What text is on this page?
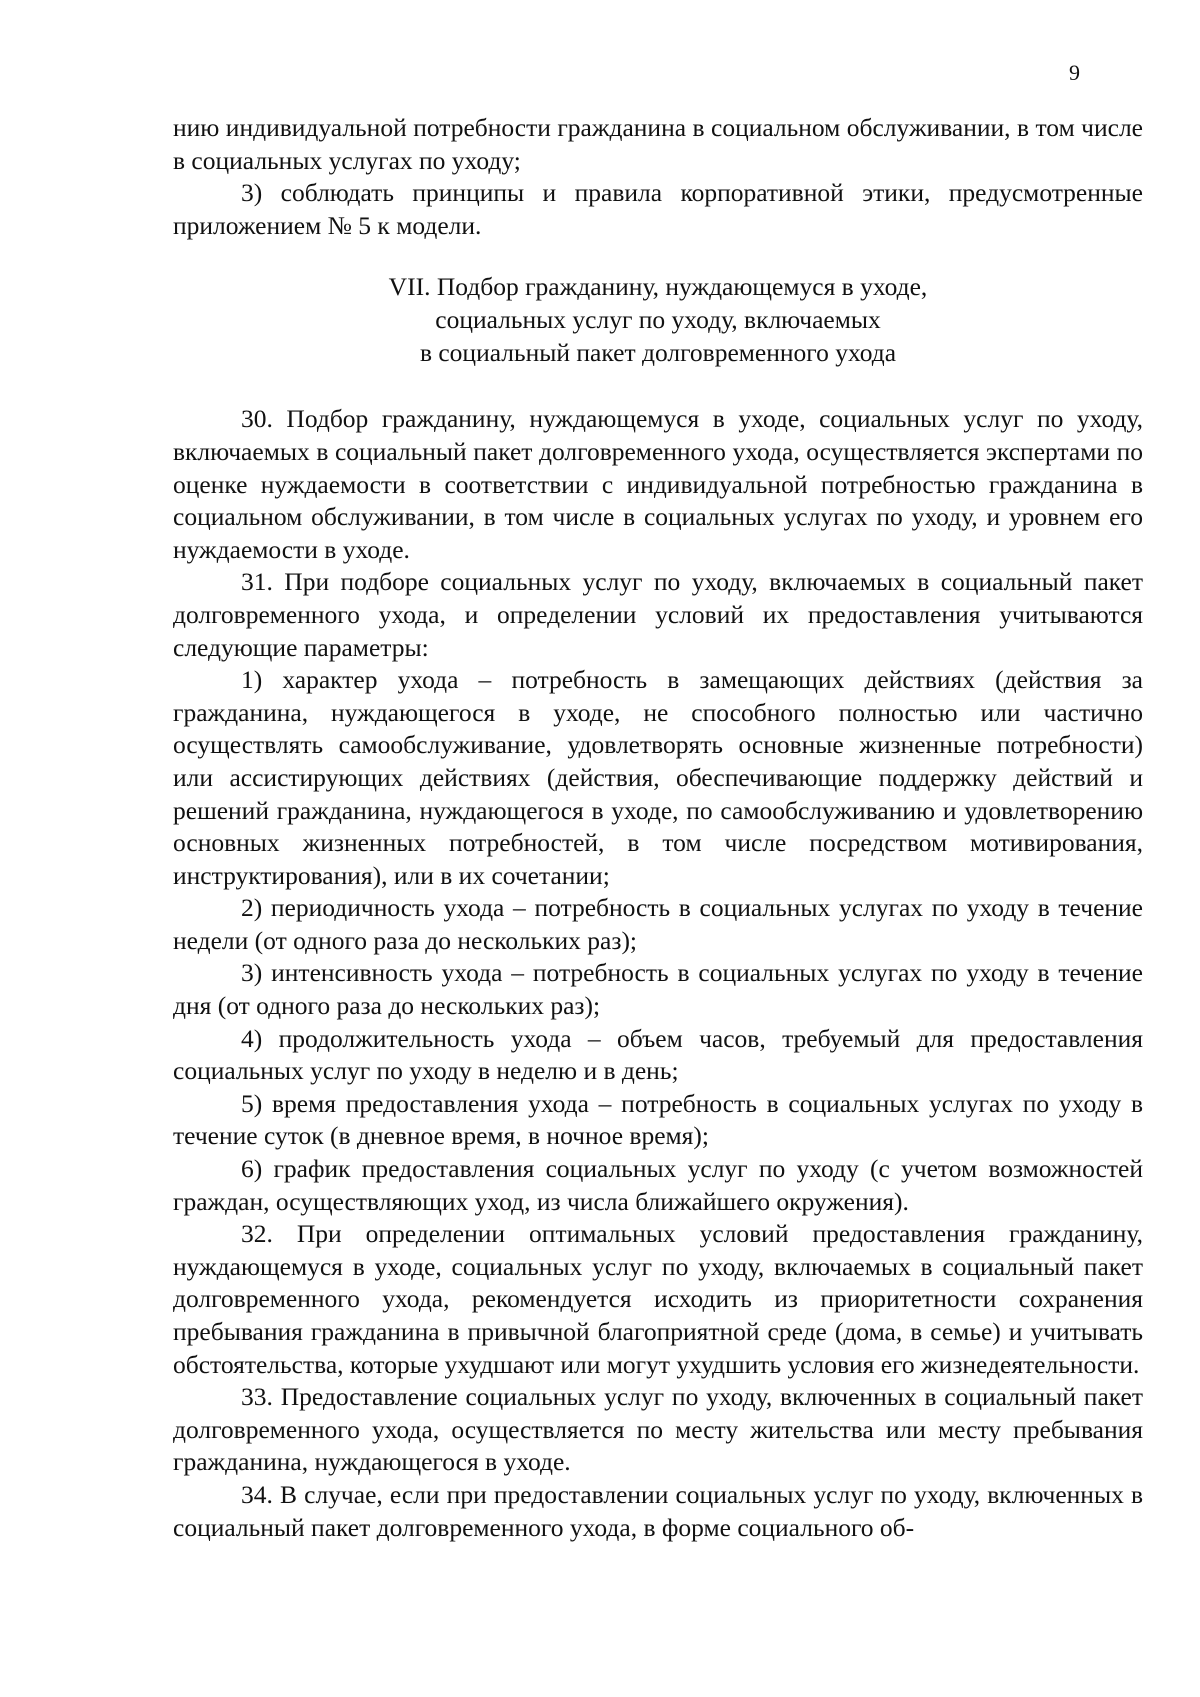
9

нию индивидуальной потребности гражданина в социальном обслуживании, в том числе в социальных услугах по уходу;

3) соблюдать принципы и правила корпоративной этики, предусмотренные приложением № 5 к модели.

VII. Подбор гражданину, нуждающемуся в уходе,
социальных услуг по уходу, включаемых
в социальный пакет долговременного ухода

30. Подбор гражданину, нуждающемуся в уходе, социальных услуг по уходу, включаемых в социальный пакет долговременного ухода, осуществляется экспертами по оценке нуждаемости в соответствии с индивидуальной потребностью гражданина в социальном обслуживании, в том числе в социальных услугах по уходу, и уровнем его нуждаемости в уходе.

31. При подборе социальных услуг по уходу, включаемых в социальный пакет долговременного ухода, и определении условий их предоставления учитываются следующие параметры:

1) характер ухода – потребность в замещающих действиях (действия за гражданина, нуждающегося в уходе, не способного полностью или частично осуществлять самообслуживание, удовлетворять основные жизненные потребности) или ассистирующих действиях (действия, обеспечивающие поддержку действий и решений гражданина, нуждающегося в уходе, по самообслуживанию и удовлетворению основных жизненных потребностей, в том числе посредством мотивирования, инструктирования), или в их сочетании;

2) периодичность ухода – потребность в социальных услугах по уходу в течение недели (от одного раза до нескольких раз);

3) интенсивность ухода – потребность в социальных услугах по уходу в течение дня (от одного раза до нескольких раз);

4) продолжительность ухода – объем часов, требуемый для предоставления социальных услуг по уходу в неделю и в день;

5) время предоставления ухода – потребность в социальных услугах по уходу в течение суток (в дневное время, в ночное время);

6) график предоставления социальных услуг по уходу (с учетом возможностей граждан, осуществляющих уход, из числа ближайшего окружения).

32. При определении оптимальных условий предоставления гражданину, нуждающемуся в уходе, социальных услуг по уходу, включаемых в социальный пакет долговременного ухода, рекомендуется исходить из приоритетности сохранения пребывания гражданина в привычной благоприятной среде (дома, в семье) и учитывать обстоятельства, которые ухудшают или могут ухудшить условия его жизнедеятельности.

33. Предоставление социальных услуг по уходу, включенных в социальный пакет долговременного ухода, осуществляется по месту жительства или месту пребывания гражданина, нуждающегося в уходе.

34. В случае, если при предоставлении социальных услуг по уходу, включенных в социальный пакет долговременного ухода, в форме социального об-
